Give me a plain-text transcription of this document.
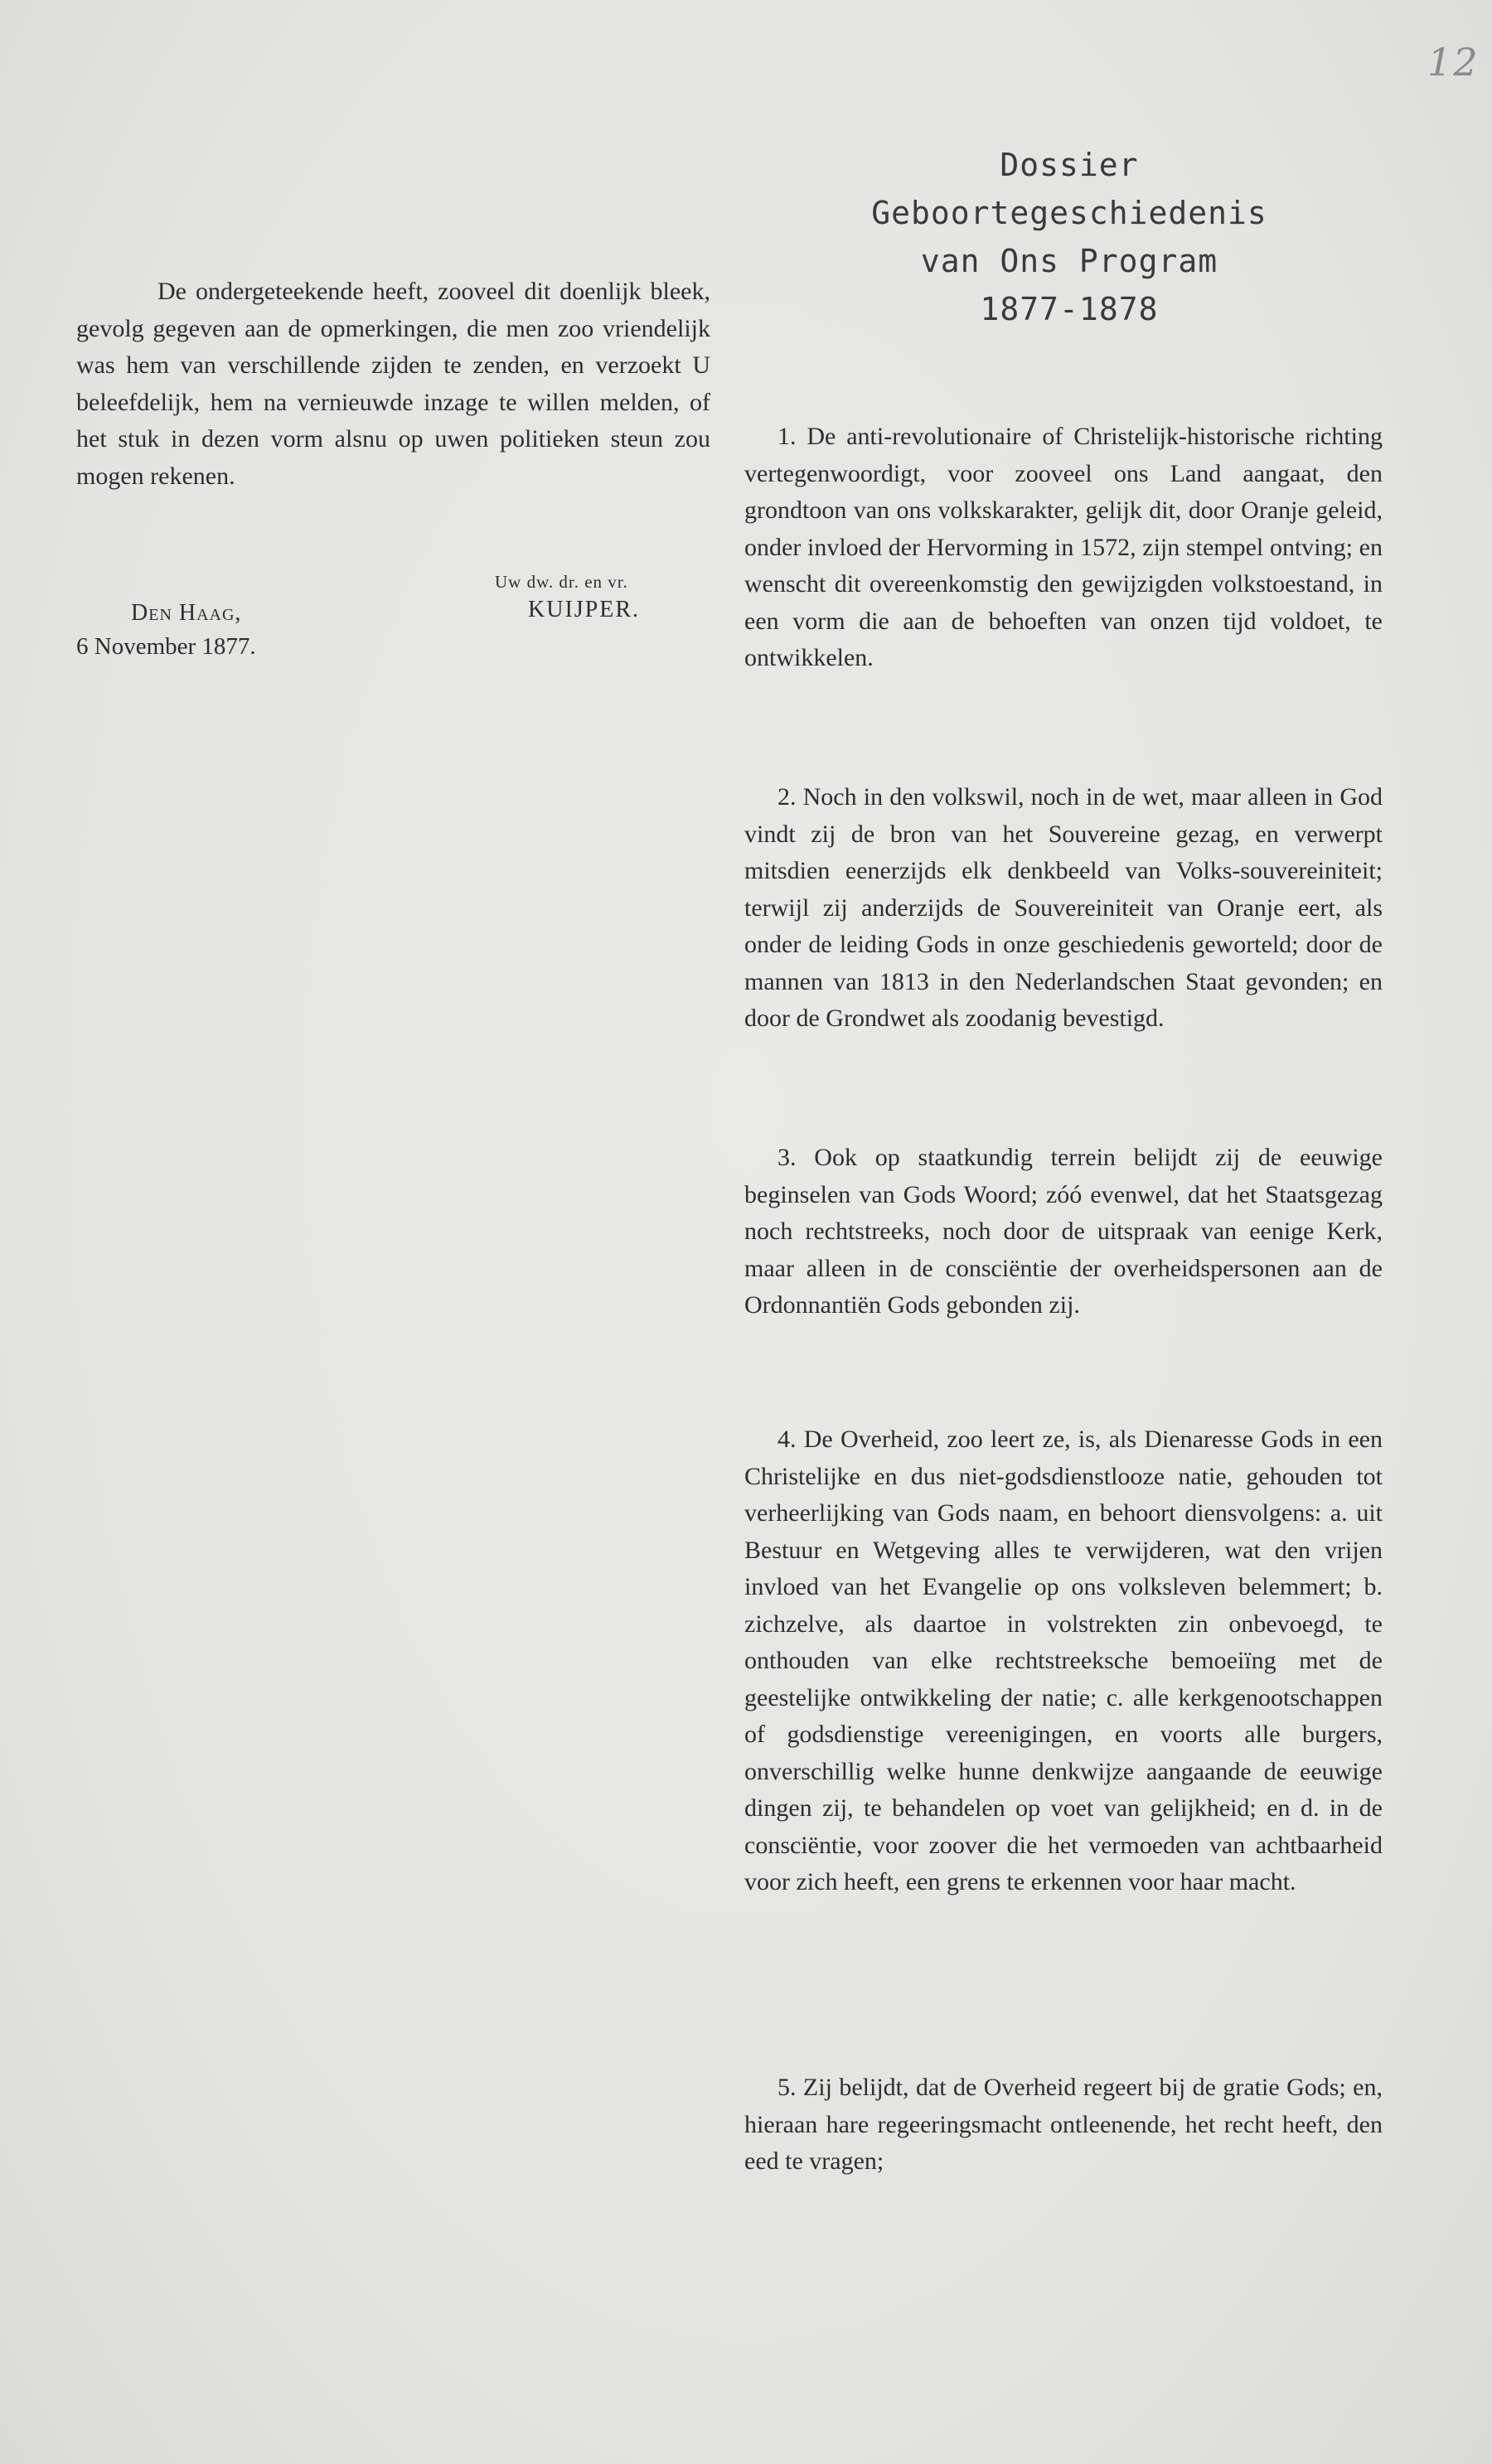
12
Dossier
Geboortegeschiedenis
van Ons Program
1877-1878

De ondergeteekende heeft, zooveel dit doenlijk bleek, gevolg gegeven aan de opmerkingen, die men zoo vriendelijk was hem van verschillende zijden te zenden, en verzoekt U beleefdelijk, hem na vernieuwde inzage te willen melden, of het stuk in dezen vorm alsnu op uwen politieken steun zou mogen rekenen.

Uw dw. dr. en vr.
KUIJPER.
Den Haag,
6 November 1877.

1. De anti-revolutionaire of Christelijk-historische richting vertegenwoordigt, voor zooveel ons Land aangaat, den grondtoon van ons volkskarakter, gelijk dit, door Oranje geleid, onder invloed der Hervorming in 1572, zijn stempel ontving; en wenscht dit overeenkomstig den gewijzigden volkstoestand, in een vorm die aan de behoeften van onzen tijd voldoet, te ontwikkelen.

2. Noch in den volkswil, noch in de wet, maar alleen in God vindt zij de bron van het Souvereine gezag, en verwerpt mitsdien eenerzijds elk denkbeeld van Volks-souvereiniteit; terwijl zij anderzijds de Souvereiniteit van Oranje eert, als onder de leiding Gods in onze geschiedenis geworteld; door de mannen van 1813 in den Nederlandschen Staat gevonden; en door de Grondwet als zoodanig bevestigd.

3. Ook op staatkundig terrein belijdt zij de eeuwige beginselen van Gods Woord; zóó evenwel, dat het Staatsgezag noch rechtstreeks, noch door de uitspraak van eenige Kerk, maar alleen in de consciëntie der overheidspersonen aan de Ordonnantiën Gods gebonden zij.

4. De Overheid, zoo leert ze, is, als Dienaresse Gods in een Christelijke en dus niet-godsdienstlooze natie, gehouden tot verheerlijking van Gods naam, en behoort diensvolgens: a. uit Bestuur en Wetgeving alles te verwijderen, wat den vrijen invloed van het Evangelie op ons volksleven belemmert; b. zichzelve, als daartoe in volstrekten zin onbevoegd, te onthouden van elke rechtstreeksche bemoeiïng met de geestelijke ontwikkeling der natie; c. alle kerkgenootschappen of godsdienstige vereenigingen, en voorts alle burgers, onverschillig welke hunne denkwijze aangaande de eeuwige dingen zij, te behandelen op voet van gelijkheid; en d. in de consciëntie, voor zoover die het vermoeden van achtbaarheid voor zich heeft, een grens te erkennen voor haar macht.

5. Zij belijdt, dat de Overheid regeert bij de gratie Gods; en, hieraan hare regeeringsmacht ontleenende, het recht heeft, den eed te vragen;
